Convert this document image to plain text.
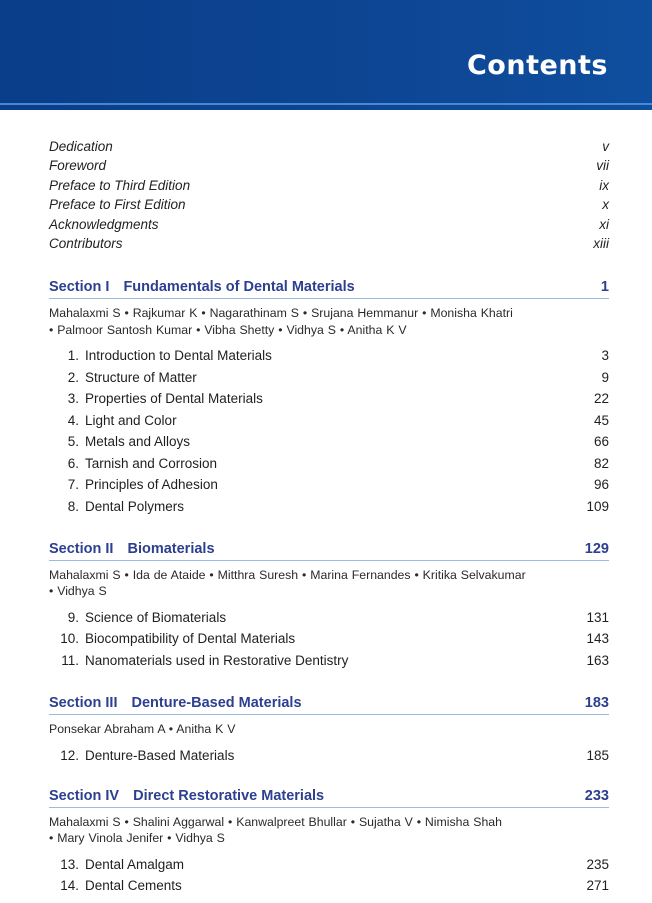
Contents
Dedication	v
Foreword	vii
Preface to Third Edition	ix
Preface to First Edition	x
Acknowledgments	xi
Contributors	xiii
Section I Fundamentals of Dental Materials	1
Mahalaxmi S • Rajkumar K • Nagarathinam S • Srujana Hemmanur • Monisha Khatri
• Palmoor Santosh Kumar • Vibha Shetty • Vidhya S • Anitha K V
1. Introduction to Dental Materials	3
2. Structure of Matter	9
3. Properties of Dental Materials	22
4. Light and Color	45
5. Metals and Alloys	66
6. Tarnish and Corrosion	82
7. Principles of Adhesion	96
8. Dental Polymers	109
Section II Biomaterials	129
Mahalaxmi S • Ida de Ataide • Mitthra Suresh • Marina Fernandes • Kritika Selvakumar
• Vidhya S
9. Science of Biomaterials	131
10. Biocompatibility of Dental Materials	143
11. Nanomaterials used in Restorative Dentistry	163
Section III Denture-Based Materials	183
Ponsekar Abraham A • Anitha K V
12. Denture-Based Materials	185
Section IV Direct Restorative Materials	233
Mahalaxmi S • Shalini Aggarwal • Kanwalpreet Bhullar • Sujatha V • Nimisha Shah
• Mary Vinola Jenifer • Vidhya S
13. Dental Amalgam	235
14. Dental Cements	271
